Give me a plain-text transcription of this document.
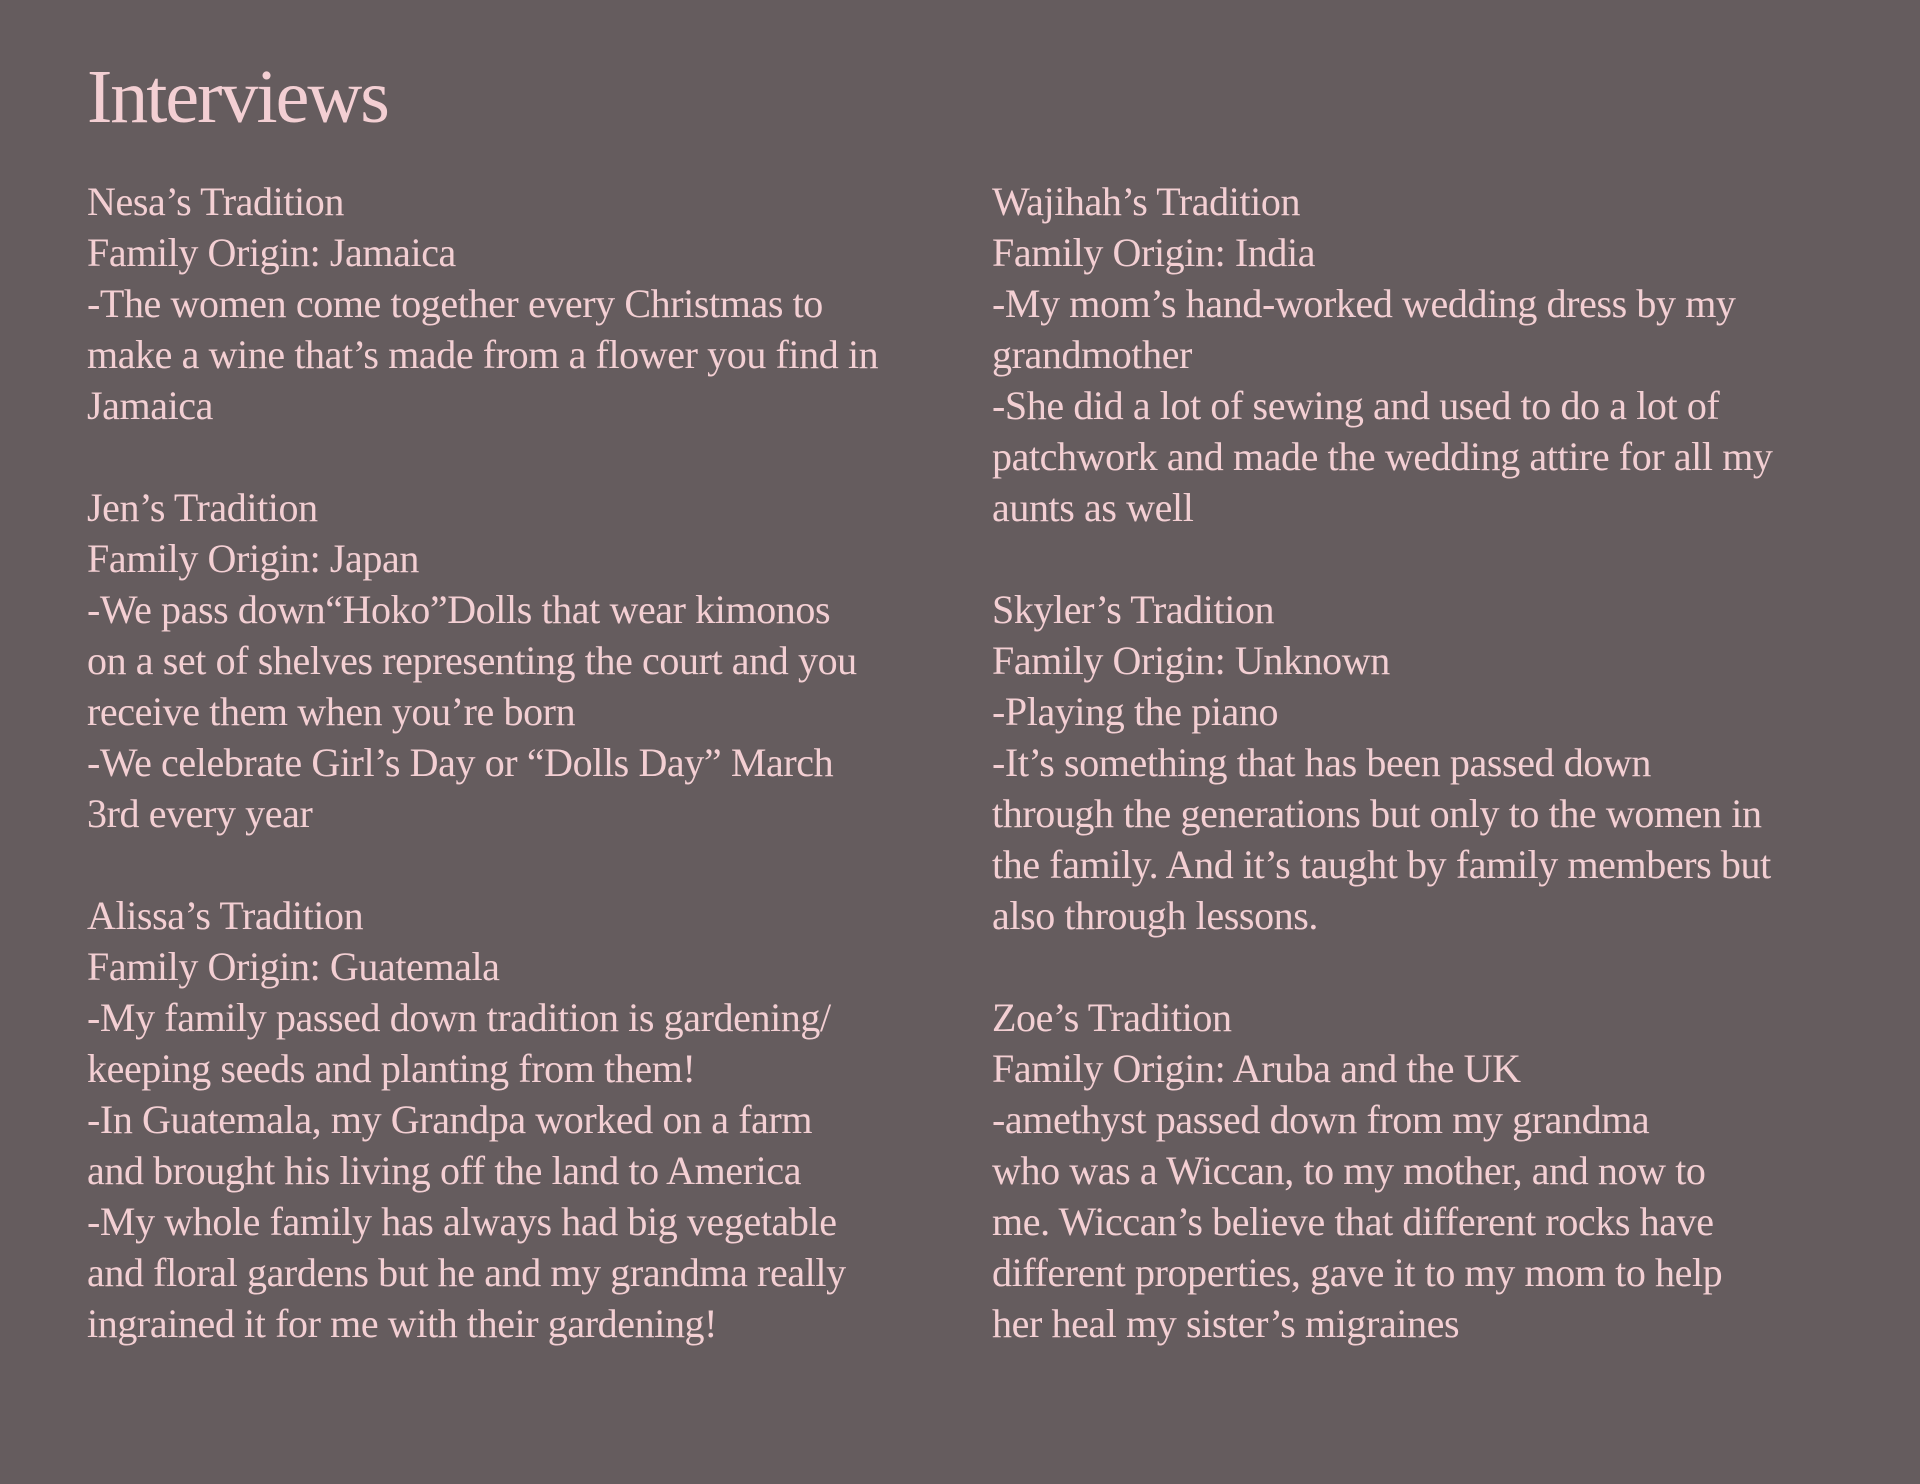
Interviews

Nesa’s Tradition

Family Origin: Jamaica

-The women come together every Christmas to

make a wine that’s made from a flower you find in

Jamaica

Jen’s Tradition

Family Origin: Japan

-We pass down“Hoko”Dolls that wear kimonos

on a set of shelves representing the court and you

receive them when you’re born

-We celebrate Girl’s Day or “Dolls Day” March

3rd every year

Alissa’s Tradition

Family Origin: Guatemala

-My family passed down tradition is gardening/

keeping seeds and planting from them!

-In Guatemala, my Grandpa worked on a farm

and brought his living off the land to America

-My whole family has always had big vegetable

and floral gardens but he and my grandma really

ingrained it for me with their gardening!

Wajihah’s Tradition

Family Origin: India

-My mom’s hand-worked wedding dress by my

grandmother

-She did a lot of sewing and used to do a lot of

patchwork and made the wedding attire for all my

aunts as well

Skyler’s Tradition

Family Origin: Unknown

-Playing the piano

-It’s something that has been passed down

through the generations but only to the women in

the family. And it’s taught by family members but

also through lessons.

Zoe’s Tradition

Family Origin: Aruba and the UK

-amethyst passed down from my grandma

who was a Wiccan, to my mother, and now to

me. Wiccan’s believe that different rocks have

different properties, gave it to my mom to help

her heal my sister’s migraines
